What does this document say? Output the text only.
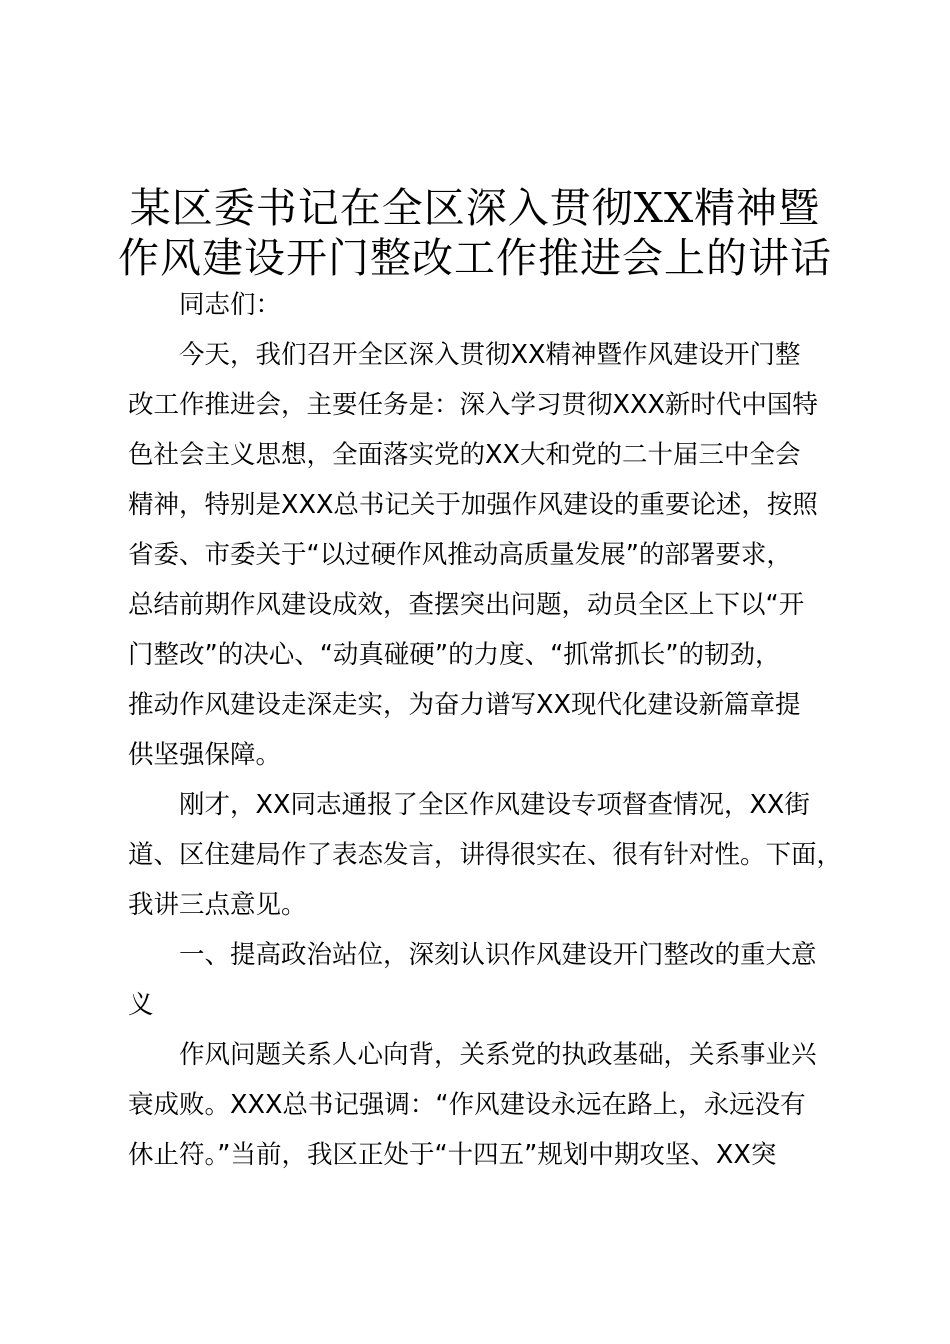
某区委书记在全区深入贯彻XX精神暨
作风建设开门整改工作推进会上的讲话
同志们：
今天，我们召开全区深入贯彻XX精神暨作风建设开门整
改工作推进会，主要任务是：深入学习贯彻XXX新时代中国特
色社会主义思想，全面落实党的XX大和党的二十届三中全会
精神，特别是XXX总书记关于加强作风建设的重要论述，按照
省委、市委关于“以过硬作风推动高质量发展”的部署要求，
总结前期作风建设成效，查摆突出问题，动员全区上下以“开
门整改”的决心、“动真碰硬”的力度、“抓常抓长”的韧劲，
推动作风建设走深走实，为奋力谱写XX现代化建设新篇章提
供坚强保障。
刚才，XX同志通报了全区作风建设专项督查情况，XX街
道、区住建局作了表态发言，讲得很实在、很有针对性。下面，
我讲三点意见。
一、提高政治站位，深刻认识作风建设开门整改的重大意
义
作风问题关系人心向背，关系党的执政基础，关系事业兴
衰成败。XXX总书记强调：“作风建设永远在路上，永远没有
休止符。”当前，我区正处于“十四五”规划中期攻坚、XX突
